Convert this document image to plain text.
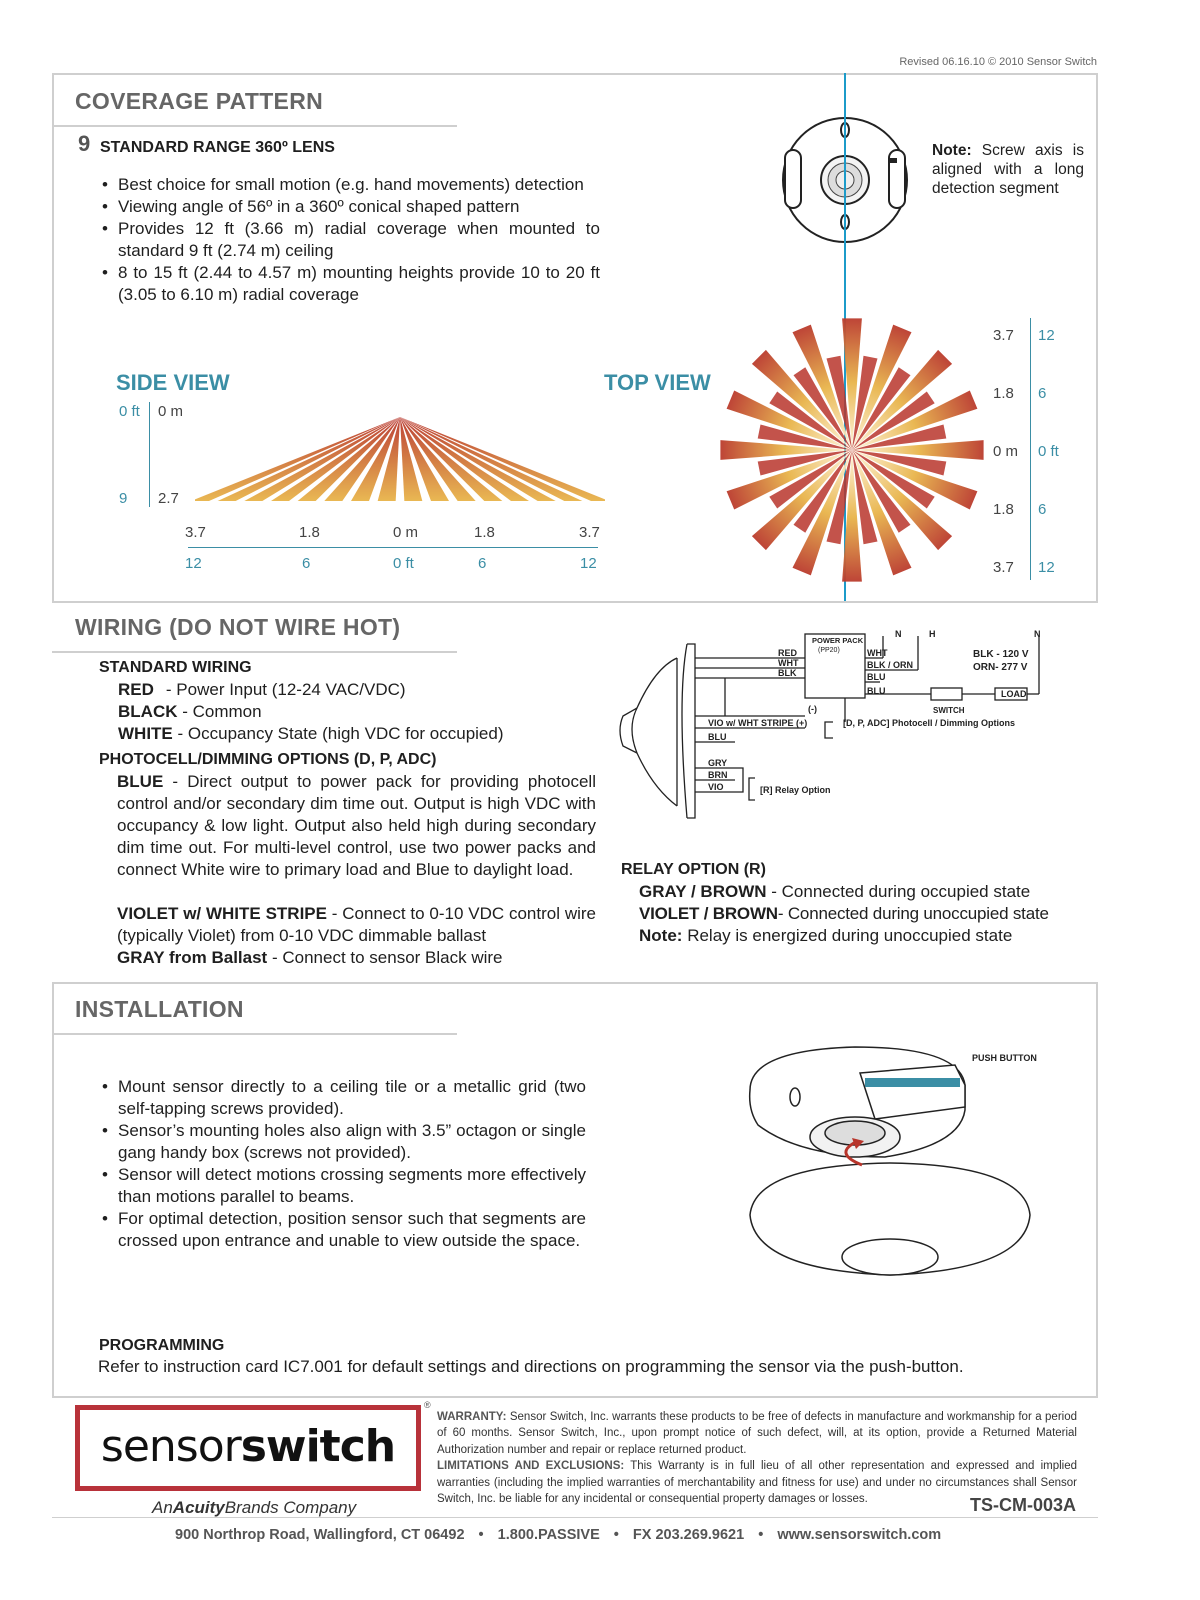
Revised 06.16.10 © 2010 Sensor Switch
COVERAGE PATTERN
9 STANDARD RANGE 360º LENS
• Best choice for small motion (e.g. hand movements) detection
• Viewing angle of 56º in a 360º conical shaped pattern
• Provides 12 ft (3.66 m) radial coverage when mounted to standard 9 ft (2.74 m) ceiling
• 8 to 15 ft (2.44 to 4.57 m) mounting heights provide 10 to 20 ft (3.05 to 6.10 m) radial coverage
Note: Screw axis is aligned with a long detection segment
SIDE VIEW
0 ft 0 m
9 2.7
3.7	1.8	0 m	1.8	3.7
12	6	0 ft	6	12
TOP VIEW
3.7
1.8
0 m
1.8
3.7
12
6
0 ft
6
12
WIRING (DO NOT WIRE HOT)
STANDARD WIRING
RED - Power Input (12-24 VAC/VDC)
BLACK - Common
WHITE - Occupancy State (high VDC for occupied)
PHOTOCELL/DIMMING OPTIONS (D, P, ADC)
BLUE - Direct output to power pack for providing photocell control and/or secondary dim time out. Output is high VDC with occupancy & low light. Output also held high during secondary dim time out. For multi-level control, use two power packs and connect White wire to primary load and Blue to daylight load.
VIOLET w/ WHITE STRIPE - Connect to 0-10 VDC control wire (typically Violet) from 0-10 VDC dimmable ballast
GRAY from Ballast - Connect to sensor Black wire
POWER PACK
(PP20)
RED
WHT
BLK
WHT
BLK / ORN
BLU
BLU
N	H	N
BLK - 120 V
ORN- 277 V
SWITCH
LOAD
(-)
VIO w/ WHT STRIPE (+)	[D, P, ADC] Photocell / Dimming Options
BLU
GRY
BRN
VIO	[R] Relay Option
RELAY OPTION (R)
GRAY / BROWN - Connected during occupied state
VIOLET / BROWN- Connected during unoccupied state
Note: Relay is energized during unoccupied state
INSTALLATION
• Mount sensor directly to a ceiling tile or a metallic grid (two self-tapping screws provided).
• Sensor’s mounting holes also align with 3.5” octagon or single gang handy box (screws not provided).
• Sensor will detect motions crossing segments more effectively than motions parallel to beams.
• For optimal detection, position sensor such that segments are crossed upon entrance and unable to view outside the space.
PUSH BUTTON
PROGRAMMING
Refer to instruction card IC7.001 for default settings and directions on programming the sensor via the push-button.
sensorswitch
®
AnAcuityBrands Company
WARRANTY: Sensor Switch, Inc. warrants these products to be free of defects in manufacture and workmanship for a period of 60 months. Sensor Switch, Inc., upon prompt notice of such defect, will, at its option, provide a Returned Material Authorization number and repair or replace returned product.
LIMITATIONS AND EXCLUSIONS: This Warranty is in full lieu of all other representation and expressed and implied warranties (including the implied warranties of merchantability and fitness for use) and under no circumstances shall Sensor Switch, Inc. be liable for any incidental or consequential property damages or losses.	TS-CM-003A
900 Northrop Road, Wallingford, CT 06492 • 1.800.PASSIVE • FX 203.269.9621 • www.sensorswitch.com
